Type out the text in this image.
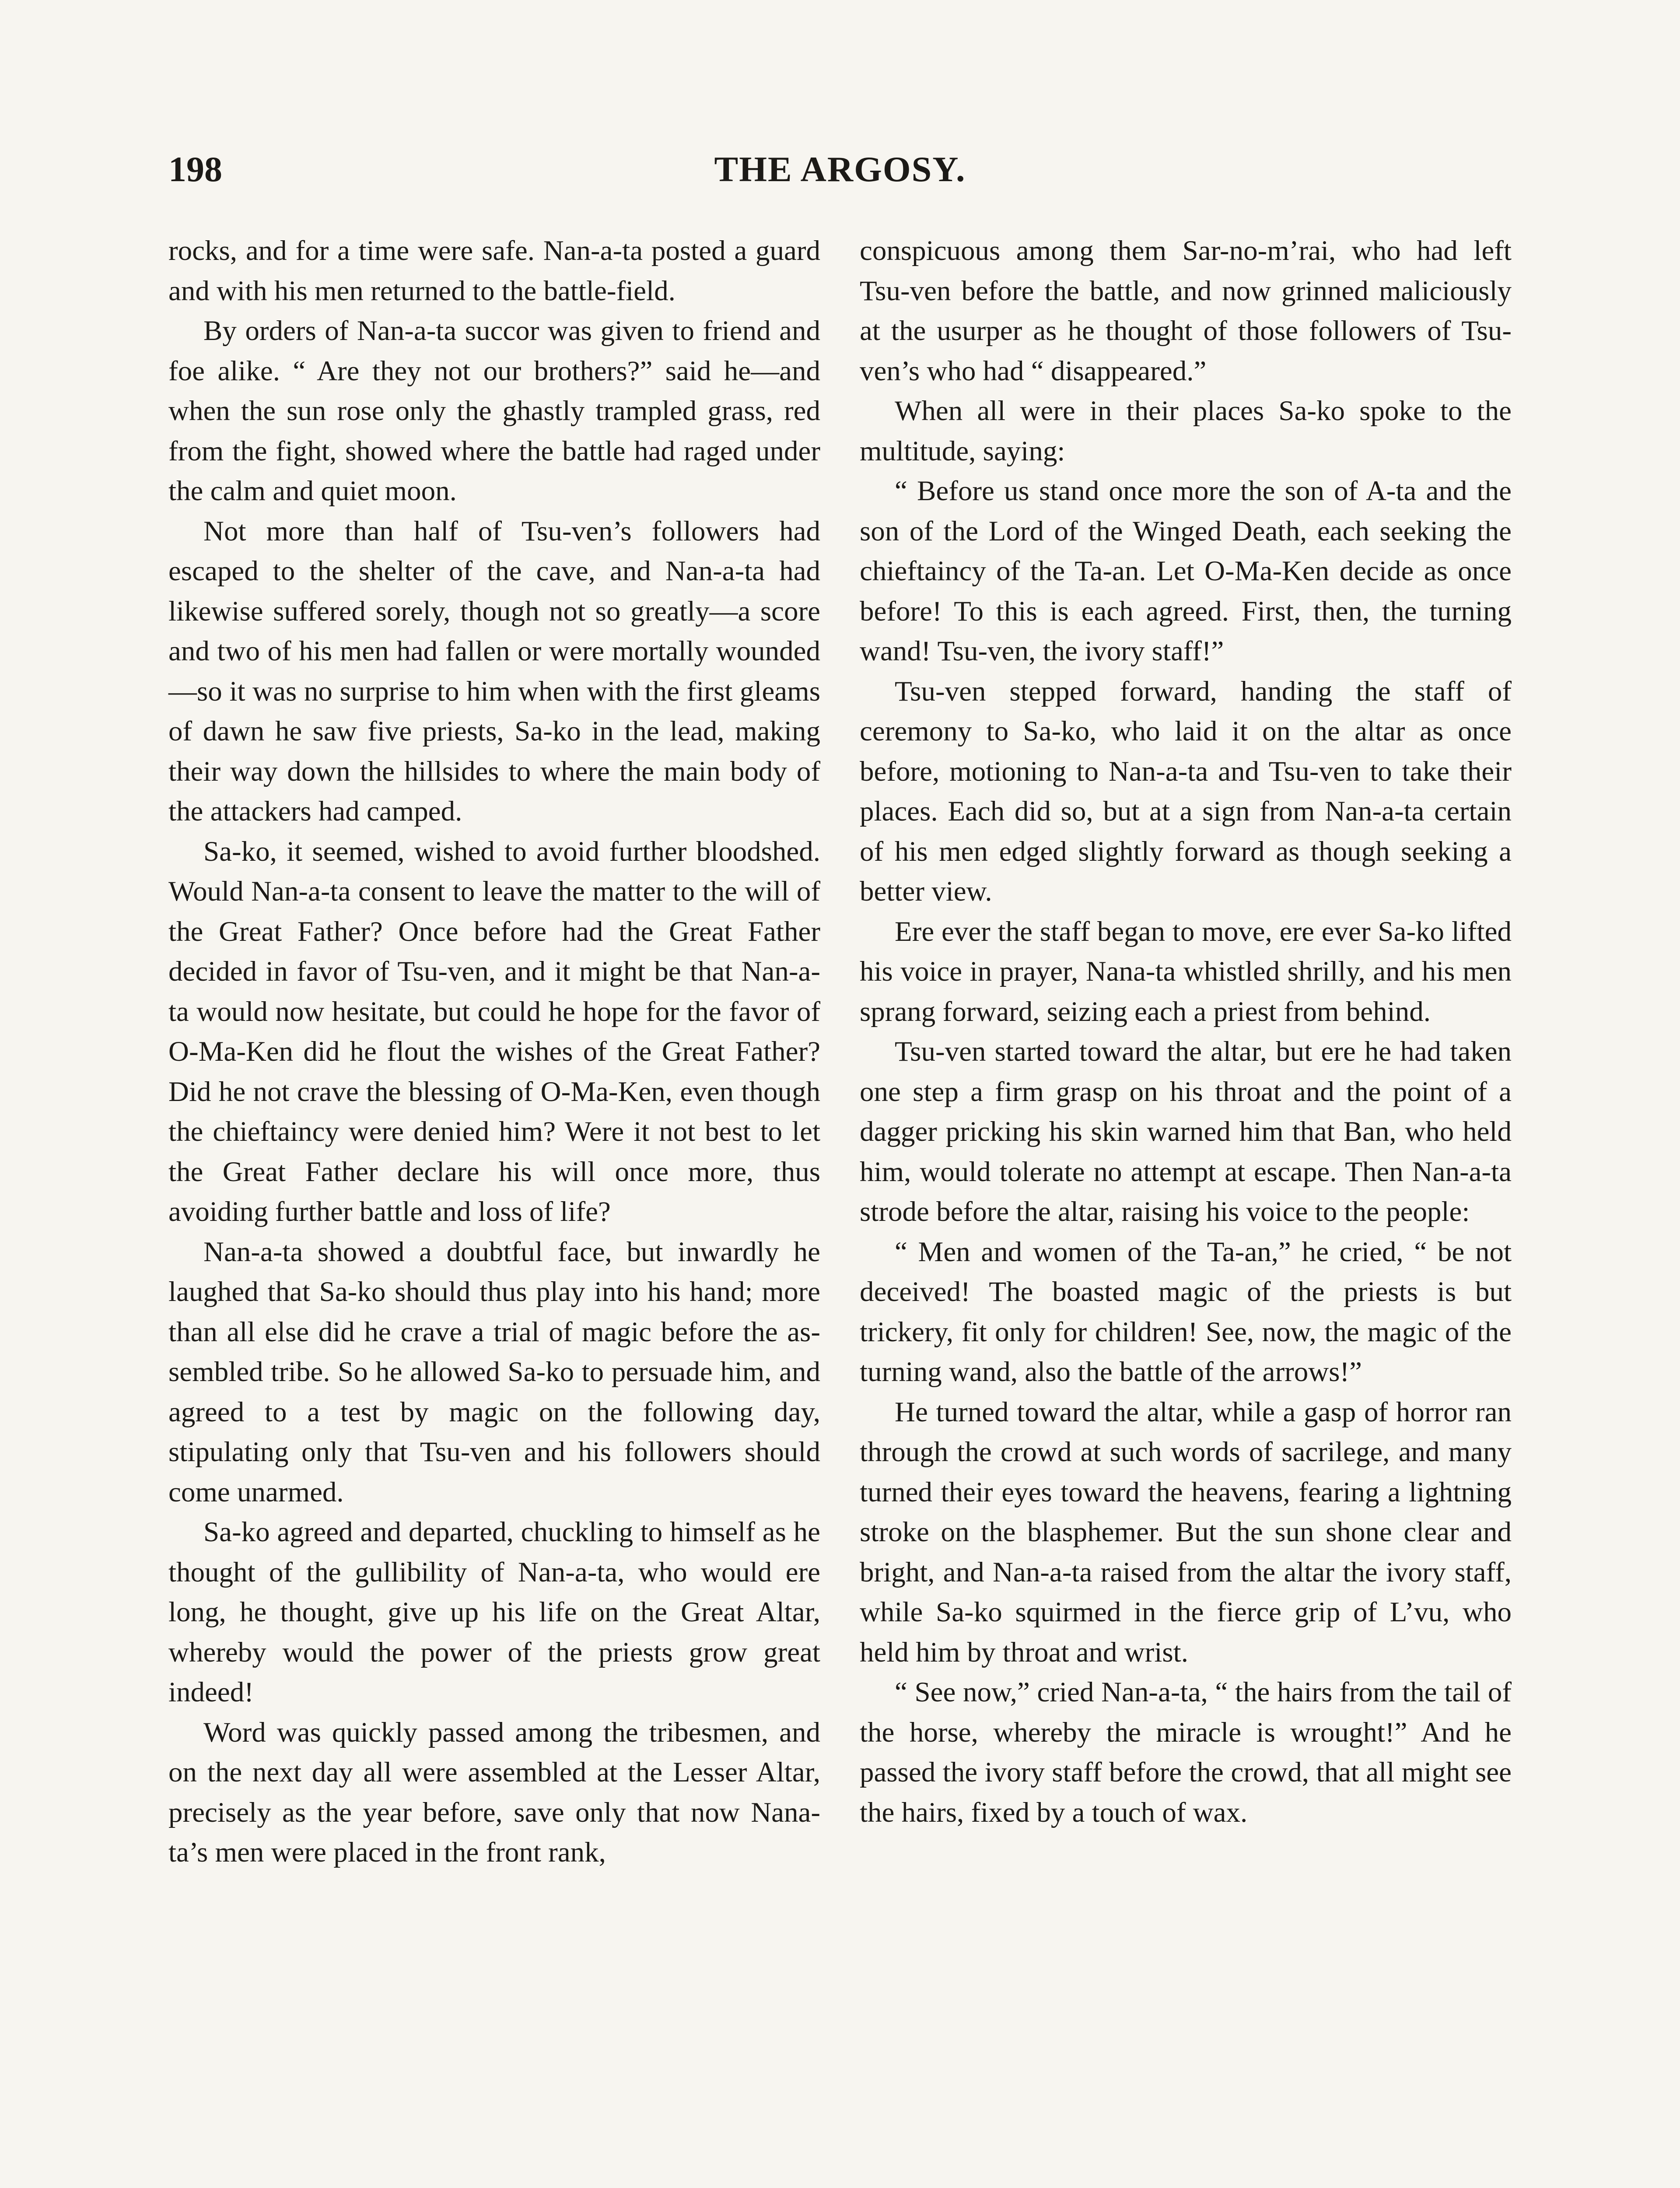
198	THE ARGOSY.

rocks, and for a time were safe. Nan-a-ta posted a guard and with his men returned to the battle-field.

By orders of Nan-a-ta succor was given to friend and foe alike. “ Are they not our brothers?” said he—and when the sun rose only the ghastly trampled grass, red from the fight, showed where the battle had raged under the calm and quiet moon.

Not more than half of Tsu-ven’s followers had escaped to the shelter of the cave, and Nan-a-ta had likewise suffered sorely, though not so greatly—a score and two of his men had fallen or were mortally wounded—so it was no surprise to him when with the first gleams of dawn he saw five priests, Sa-ko in the lead, making their way down the hillsides to where the main body of the attackers had camped.

Sa-ko, it seemed, wished to avoid further bloodshed. Would Nan-a-ta consent to leave the matter to the will of the Great Father? Once before had the Great Father decided in favor of Tsu-ven, and it might be that Nan-a-ta would now hesitate, but could he hope for the favor of O-Ma-Ken did he flout the wishes of the Great Father? Did he not crave the blessing of O-Ma-Ken, even though the chieftaincy were denied him? Were it not best to let the Great Father declare his will once more, thus avoiding further battle and loss of life?

Nan-a-ta showed a doubtful face, but inwardly he laughed that Sa-ko should thus play into his hand; more than all else did he crave a trial of magic before the assembled tribe. So he allowed Sa-ko to persuade him, and agreed to a test by magic on the following day, stipulating only that Tsu-ven and his followers should come unarmed.

Sa-ko agreed and departed, chuckling to himself as he thought of the gullibility of Nan-a-ta, who would ere long, he thought, give up his life on the Great Altar, whereby would the power of the priests grow great indeed!

Word was quickly passed among the tribesmen, and on the next day all were assembled at the Lesser Altar, precisely as the year before, save only that now Nana-ta’s men were placed in the front rank,

conspicuous among them Sar-no-m’rai, who had left Tsu-ven before the battle, and now grinned maliciously at the usurper as he thought of those followers of Tsu-ven’s who had “ disappeared.”

When all were in their places Sa-ko spoke to the multitude, saying:

“ Before us stand once more the son of A-ta and the son of the Lord of the Winged Death, each seeking the chieftaincy of the Ta-an. Let O-Ma-Ken decide as once before! To this is each agreed. First, then, the turning wand! Tsu-ven, the ivory staff!”

Tsu-ven stepped forward, handing the staff of ceremony to Sa-ko, who laid it on the altar as once before, motioning to Nan-a-ta and Tsu-ven to take their places. Each did so, but at a sign from Nan-a-ta certain of his men edged slightly forward as though seeking a better view.

Ere ever the staff began to move, ere ever Sa-ko lifted his voice in prayer, Nana-ta whistled shrilly, and his men sprang forward, seizing each a priest from behind.

Tsu-ven started toward the altar, but ere he had taken one step a firm grasp on his throat and the point of a dagger pricking his skin warned him that Ban, who held him, would tolerate no attempt at escape. Then Nan-a-ta strode before the altar, raising his voice to the people:

“ Men and women of the Ta-an,” he cried, “ be not deceived! The boasted magic of the priests is but trickery, fit only for children! See, now, the magic of the turning wand, also the battle of the arrows!”

He turned toward the altar, while a gasp of horror ran through the crowd at such words of sacrilege, and many turned their eyes toward the heavens, fearing a lightning stroke on the blasphemer. But the sun shone clear and bright, and Nan-a-ta raised from the altar the ivory staff, while Sa-ko squirmed in the fierce grip of L’vu, who held him by throat and wrist.

“ See now,” cried Nan-a-ta, “ the hairs from the tail of the horse, whereby the miracle is wrought!” And he passed the ivory staff before the crowd, that all might see the hairs, fixed by a touch of wax.
